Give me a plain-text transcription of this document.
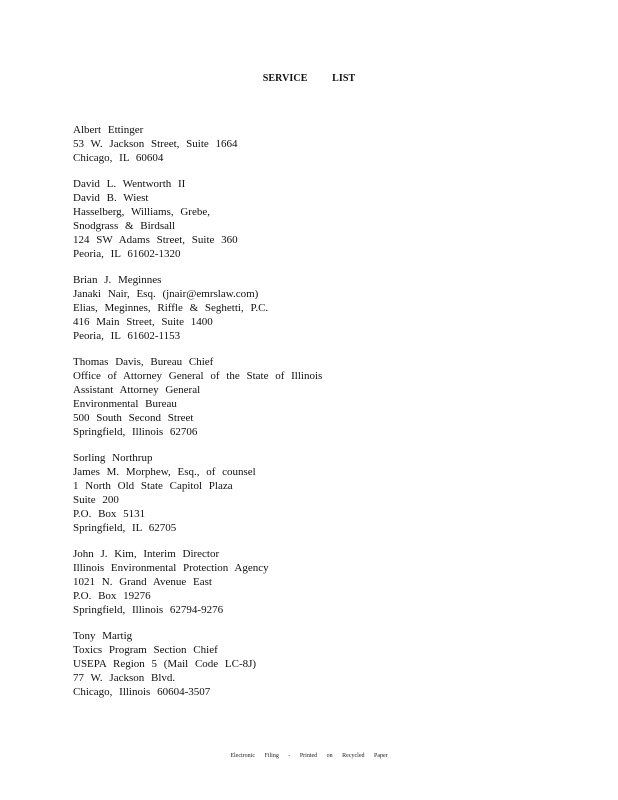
SERVICE LIST
Albert Ettinger
53 W. Jackson Street, Suite 1664
Chicago, IL 60604
David L. Wentworth II
David B. Wiest
Hasselberg, Williams, Grebe,
Snodgrass & Birdsall
124 SW Adams Street, Suite 360
Peoria, IL 61602-1320
Brian J. Meginnes
Janaki Nair, Esq. (jnair@emrslaw.com)
Elias, Meginnes, Riffle & Seghetti, P.C.
416 Main Street, Suite 1400
Peoria, IL 61602-1153
Thomas Davis, Bureau Chief
Office of Attorney General of the State of Illinois
Assistant Attorney General
Environmental Bureau
500 South Second Street
Springfield, Illinois 62706
Sorling Northrup
James M. Morphew, Esq., of counsel
1 North Old State Capitol Plaza
Suite 200
P.O. Box 5131
Springfield, IL 62705
John J. Kim, Interim Director
Illinois Environmental Protection Agency
1021 N. Grand Avenue East
P.O. Box 19276
Springfield, Illinois 62794-9276
Tony Martig
Toxics Program Section Chief
USEPA Region 5 (Mail Code LC-8J)
77 W. Jackson Blvd.
Chicago, Illinois 60604-3507
Electronic Filing - Printed on Recycled Paper
